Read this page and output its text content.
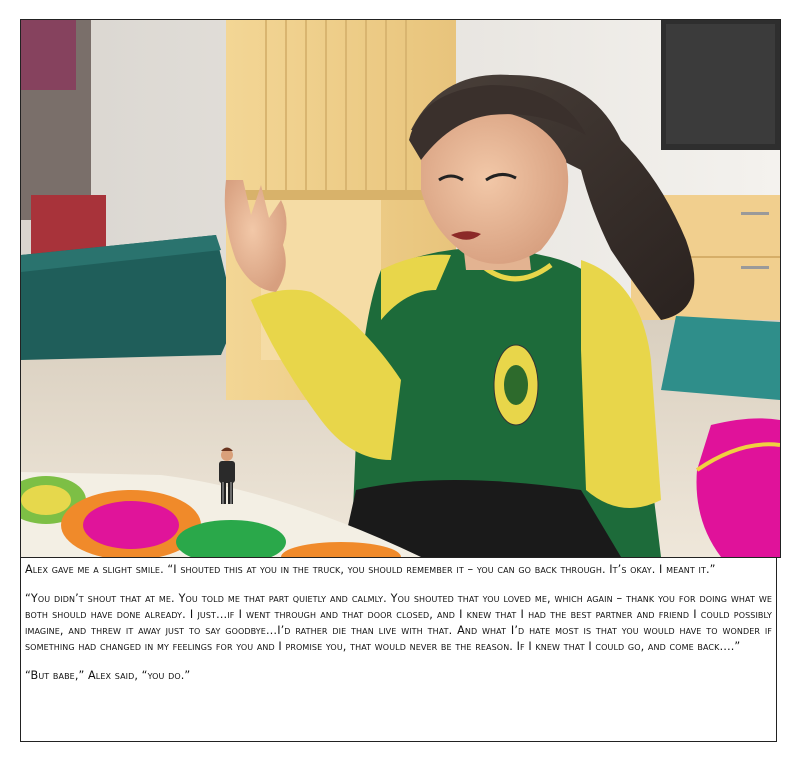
Alex gave me a slight smile. “I shouted this at you in the truck, you should remember it – you can go back through. It’s okay. I meant it.”

“You didn’t shout that at me. You told me that part quietly and calmly. You shouted that you loved me, which again – thank you for doing what we both should have done already. I just…if I went through and that door closed, and I knew that I had the best partner and friend I could possibly imagine, and threw it away just to say goodbye…I’d rather die than live with that. And what I’d hate most is that you would have to wonder if something had changed in my feelings for you and I promise you, that would never be the reason. If I knew that I could go, and come back….”

“But babe,” Alex said, “you do.”
